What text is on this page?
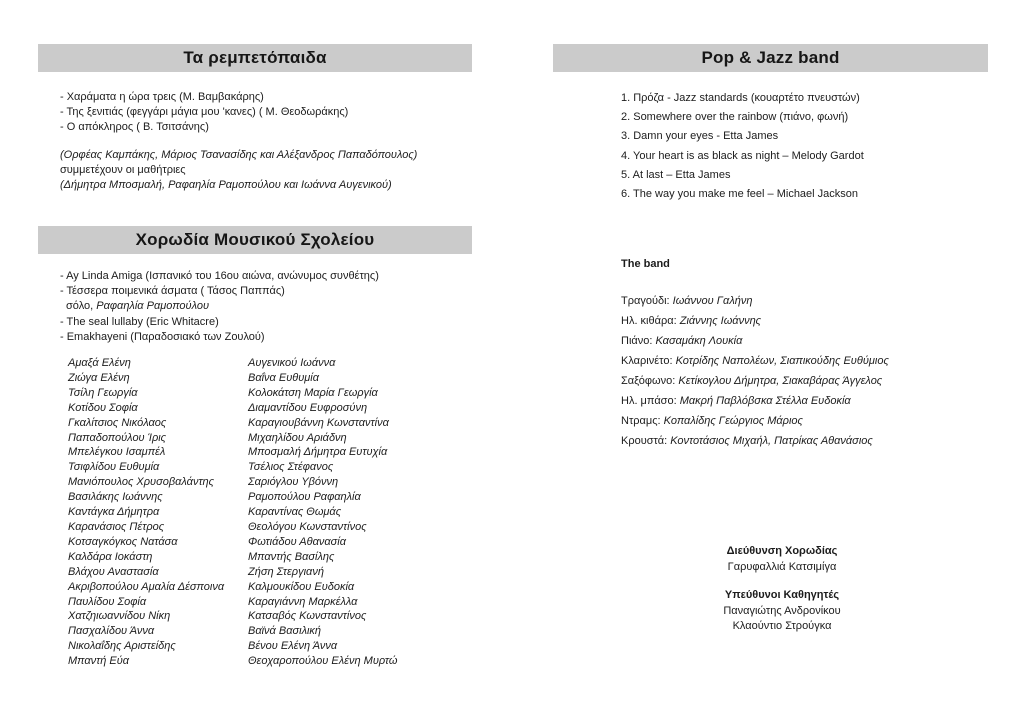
Τα ρεμπετόπαιδα
- Χαράματα η ώρα τρεις (Μ. Βαμβακάρης)
- Της ξενιτιάς (φεγγάρι μάγια μου 'κανες) ( Μ. Θεοδωράκης)
- Ο απόκληρος ( Β. Τσιτσάνης)
(Ορφέας Καμπάκης, Μάριος Τσανασίδης και Αλέξανδρος Παπαδόπουλος)
συμμετέχουν οι μαθήτριες
(Δήμητρα Μποσμαλή, Ραφαηλία Ραμοπούλου και Ιωάννα Αυγενικού)
Χορωδία Μουσικού Σχολείου
- Ay Linda Amiga (Ισπανικό του 16ου αιώνα, ανώνυμος συνθέτης)
- Τέσσερα ποιμενικά άσματα ( Τάσος Παππάς)
σόλο, Ραφαηλία Ραμοπούλου
- The seal lullaby (Eric Whitacre)
- Emakhayeni (Παραδοσιακό των Ζουλού)
Αμαξά Ελένη
Ζιώγα Ελένη
Τσίλη Γεωργία
Κοτίδου Σοφία
Γκαλίτσιος Νικόλαος
Παπαδοπούλου Ίρις
Μπελέγκου Ισαμπέλ
Τσιφλίδου Ευθυμία
Μανιόπουλος Χρυσοβαλάντης
Βασιλάκης Ιωάννης
Καντάγκα Δήμητρα
Καρανάσιος Πέτρος
Κοτσαγκόγκος Νατάσα
Καλδάρα Ιοκάστη
Βλάχου Αναστασία
Ακριβοπούλου Αμαλία Δέσποινα
Παυλίδου Σοφία
Χατζηιωαννίδου Νίκη
Πασχαλίδου Άννα
Νικολαΐδης Αριστείδης
Μπαντή Εύα
Αυγενικού Ιωάννα
Βαΐνα Ευθυμία
Κολοκάτση Μαρία Γεωργία
Διαμαντίδου Ευφροσύνη
Καραγιουβάννη Κωνσταντίνα
Μιχαηλίδου Αριάδνη
Μποσμαλή Δήμητρα Ευτυχία
Τσέλιος Στέφανος
Σαριόγλου Υβόννη
Ραμοπούλου Ραφαηλία
Καραντίνας Θωμάς
Θεολόγου Κωνσταντίνος
Φωτιάδου Αθανασία
Μπαντής Βασίλης
Ζήση Στεργιανή
Καλμουκίδου Ευδοκία
Καραγιάννη Μαρκέλλα
Κατσαβός Κωνσταντίνος
Βαϊνά Βασιλική
Βένου Ελένη Άννα
Θεοχαροπούλου Ελένη Μυρτώ
Pop & Jazz band
1. Πρόζα - Jazz standards (κουαρτέτο πνευστών)
2. Somewhere over the rainbow (πιάνο, φωνή)
3. Damn your eyes - Etta James
4. Your heart is as black as night – Melody Gardot
5. At last – Etta James
6. The way you make me feel – Michael Jackson
The band
Τραγούδι: Ιωάννου Γαλήνη
Ηλ. κιθάρα: Ζιάννης Ιωάννης
Πιάνο: Κασαμάκη Λουκία
Κλαρινέτο: Κοτρίδης Ναπολέων, Σιαπικούδης Ευθύμιος
Σαξόφωνο: Κετίκογλου Δήμητρα, Σιακαβάρας Άγγελος
Ηλ. μπάσο: Μακρή Παβλόβσκα Στέλλα Ευδοκία
Ντραμς: Κοπαλίδης Γεώργιος Μάριος
Κρουστά: Κοντοτάσιος Μιχαήλ, Πατρίκας Αθανάσιος
Διεύθυνση Χορωδίας
Γαρυφαλλιά Κατσιμίγα
Υπεύθυνοι Καθηγητές
Παναγιώτης Ανδρονίκου
Κλαούντιο Στρούγκα
